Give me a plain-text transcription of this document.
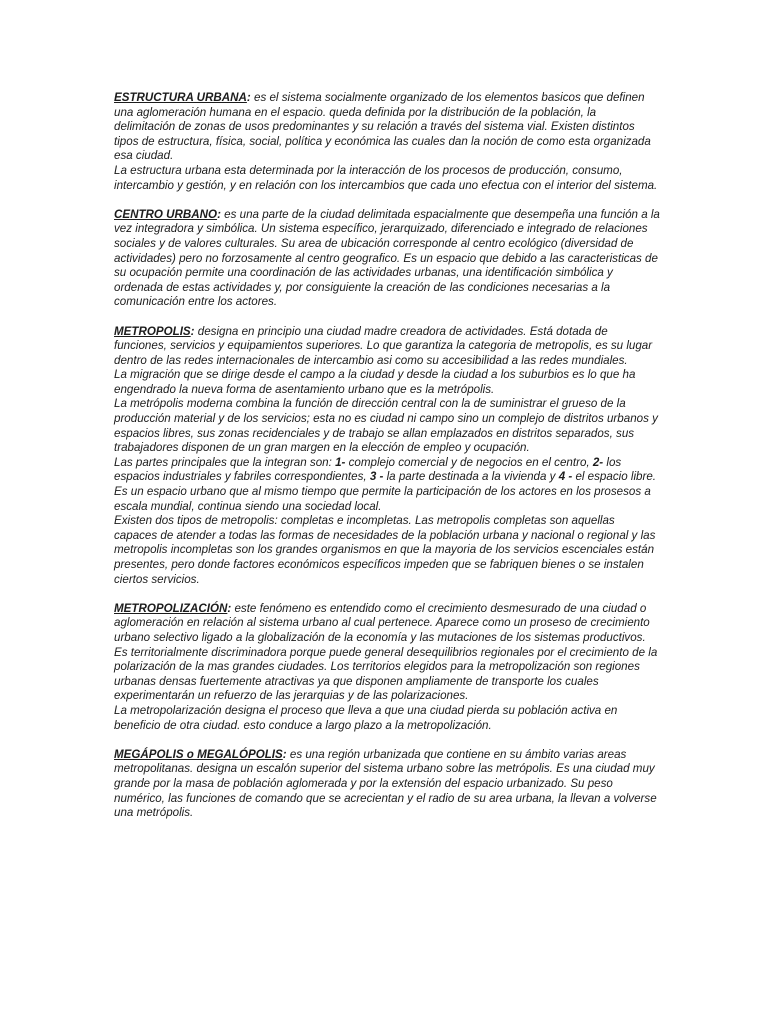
ESTRUCTURA URBANA: es el sistema socialmente organizado de los elementos basicos que definen una aglomeración humana en el espacio. queda definida por la distribución de la población, la delimitación de zonas de usos predominantes y su relación a través del sistema vial. Existen distintos tipos de estructura, física, social, política y económica las cuales dan la noción de como esta organizada esa ciudad.

La estructura urbana esta determinada por la interacción de los procesos de producción, consumo, intercambio y gestión, y en relación con los intercambios que cada uno efectua con el interior del sistema.

CENTRO URBANO: es una parte de la ciudad delimitada espacialmente que desempeña una función a la vez integradora y simbólica. Un sistema específico, jerarquizado, diferenciado e integrado de relaciones sociales y de valores culturales. Su area de ubicación corresponde al centro ecológico (diversidad de actividades) pero no forzosamente al centro geografico. Es un espacio que debido a las caracteristicas de su ocupación permite una coordinación de las actividades urbanas, una identificación simbólica y ordenada de estas actividades y, por consiguiente la creación de las condiciones necesarias a la comunicación entre los actores.

METROPOLIS: designa en principio una ciudad madre creadora de actividades. Está dotada de funciones, servicios y equipamientos superiores. Lo que garantiza la categoria de metropolis, es su lugar dentro de las redes internacionales de intercambio asi como su accesibilidad a las redes mundiales.

La migración que se dirige desde el campo a la ciudad y desde la ciudad a los suburbios es lo que ha engendrado la nueva forma de asentamiento urbano que es la metrópolis.

La metrópolis moderna combina la función de dirección central con la de suministrar el grueso de la producción material y de los servicios; esta no es ciudad ni campo sino un complejo de distritos urbanos y espacios libres, sus zonas recidenciales y de trabajo se allan emplazados en distritos separados, sus trabajadores disponen de un gran margen en la elección de empleo y ocupación.

Las partes principales que la integran son: 1- complejo comercial y de negocios en el centro, 2- los espacios industriales y fabriles correspondientes, 3 - la parte destinada a la vivienda y 4 - el espacio libre.

Es un espacio urbano que al mismo tiempo que permite la participación de los actores en los prosesos a escala mundial, continua siendo una sociedad local.

Existen dos tipos de metropolis: completas e incompletas. Las metropolis completas son aquellas capaces de atender a todas las formas de necesidades de la población urbana y nacional o regional y las metropolis incompletas son los grandes organismos en que la mayoria de los servicios escenciales están presentes, pero donde factores económicos específicos impeden que se fabriquen bienes o se instalen ciertos servicios.

METROPOLIZACIÓN: este fenómeno es entendido como el crecimiento desmesurado de una ciudad o aglomeración en relación al sistema urbano al cual pertenece. Aparece como un proseso de crecimiento urbano selectivo ligado a la globalización de la economía y las mutaciones de los sistemas productivos.

Es territorialmente discriminadora porque puede general desequilibrios regionales por el crecimiento de la polarización de la mas grandes ciudades. Los territorios elegidos para la metropolización son regiones urbanas densas fuertemente atractivas ya que disponen ampliamente de transporte los cuales experimentarán un refuerzo de las jerarquias y de las polarizaciones.

La metropolarización designa el proceso que lleva a que una ciudad pierda su población activa en beneficio de otra ciudad. esto conduce a largo plazo a la metropolización.

MEGÁPOLIS o MEGALÓPOLIS: es una región urbanizada que contiene en su ámbito varias areas metropolitanas. designa un escalón superior del sistema urbano sobre las metrópolis. Es una ciudad muy grande por la masa de población aglomerada y por la extensión del espacio urbanizado. Su peso numérico, las funciones de comando que se acrecientan y el radio de su area urbana, la llevan a volverse una metrópolis.
